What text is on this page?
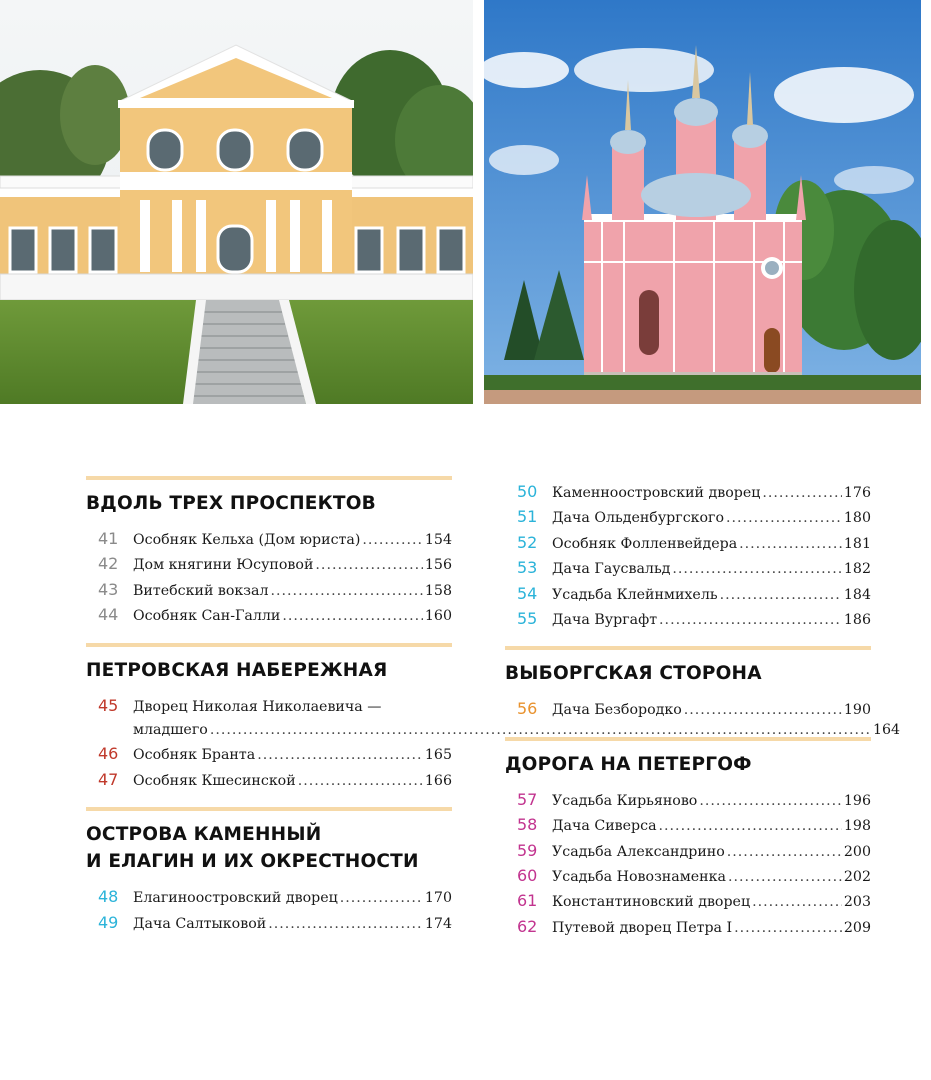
ВДОЛЬ ТРЕХ ПРОСПЕКТОВ
41	Особняк Кельха (Дом юриста) .....	154
42	Дом княгини Юсуповой .....	156
43	Витебский вокзал .....	158
44	Особняк Сан-Галли .....	160
ПЕТРОВСКАЯ НАБЕРЕЖНАЯ
45	Дворец Николая Николаевича —
младшего .....	164
46	Особняк Бранта .....	165
47	Особняк Кшесинской .....	166
ОСТРОВА КАМЕННЫЙ
И ЕЛАГИН И ИХ ОКРЕСТНОСТИ
48	Елагиноостровский дворец .....	170
49	Дача Салтыковой .....	174
50	Каменноостровский дворец .....	176
51	Дача Ольденбургского .....	180
52	Особняк Фолленвейдера .....	181
53	Дача Гаусвальд .....	182
54	Усадьба Клейнмихель .....	184
55	Дача Вургафт .....	186
ВЫБОРГСКАЯ СТОРОНА
56	Дача Безбородко .....	190
ДОРОГА НА ПЕТЕРГОФ
57	Усадьба Кирьяново .....	196
58	Дача Сиверса .....	198
59	Усадьба Александрино .....	200
60	Усадьба Новознаменка .....	202
61	Константиновский дворец .....	203
62	Путевой дворец Петра I .....	209
